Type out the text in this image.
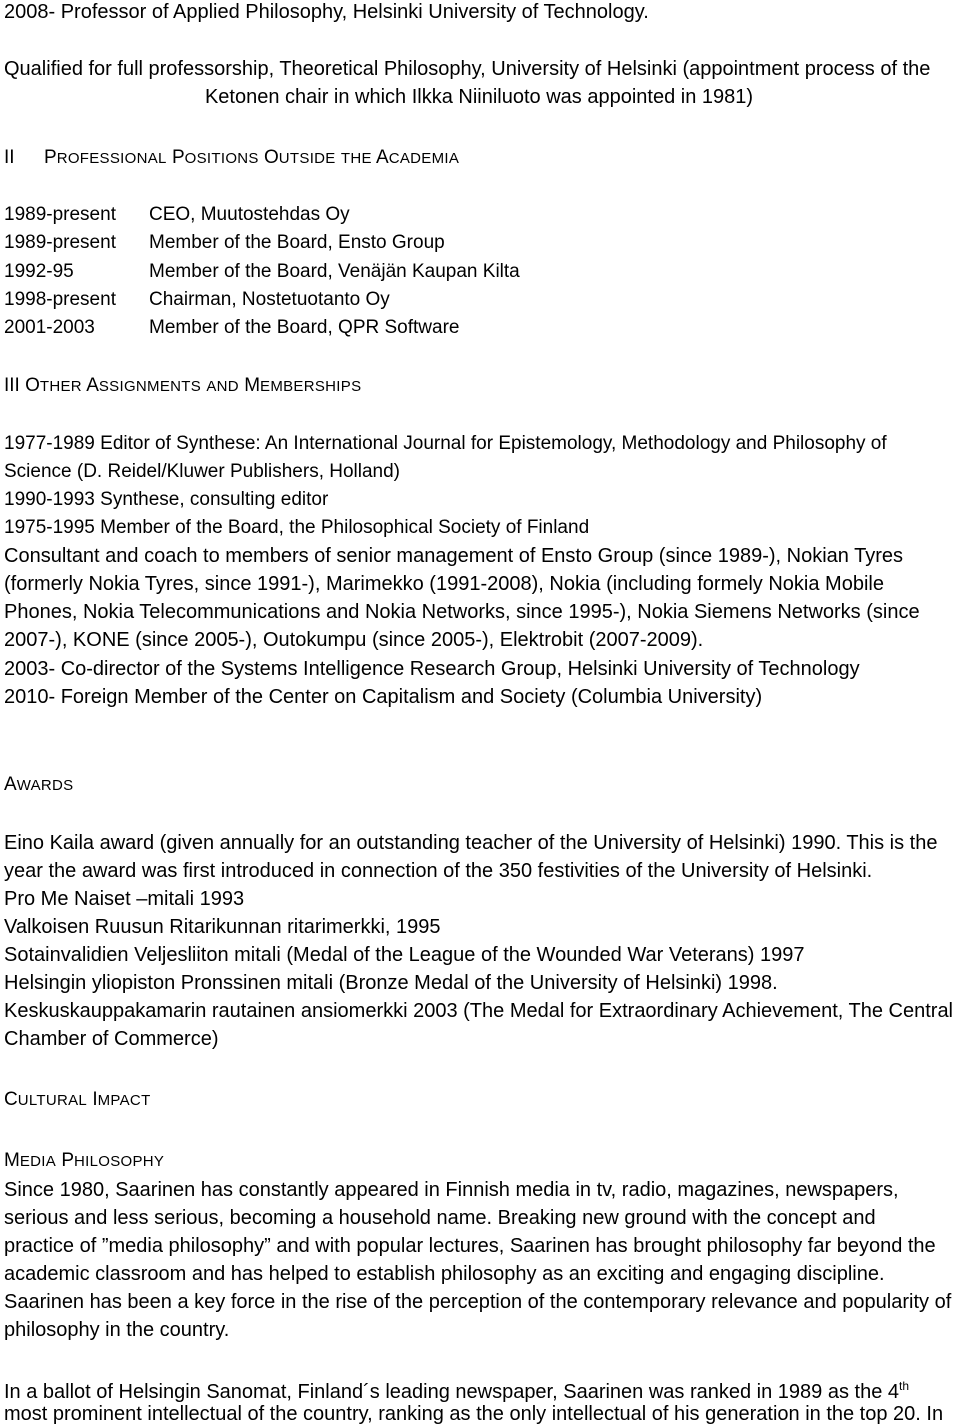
2008- Professor of Applied Philosophy, Helsinki University of Technology.
Qualified for full professorship, Theoretical Philosophy, University of Helsinki (appointment process of the
Ketonen chair in which Ilkka Niiniluoto was appointed in 1981)
II PROFESSIONAL POSITIONS OUTSIDE THE ACADEMIA
1989-present CEO, Muutostehdas Oy
1989-present Member of the Board, Ensto Group
1992-95	Member of the Board, Venäjän Kaupan Kilta
1998-present Chairman, Nostetuotanto Oy
2001-2003	Member of the Board, QPR Software
III OTHER ASSIGNMENTS AND MEMBERSHIPS
1977-1989 Editor of Synthese: An International Journal for Epistemology, Methodology and Philosophy of
Science (D. Reidel/Kluwer Publishers, Holland)
1990-1993 Synthese, consulting editor
1975-1995 Member of the Board, the Philosophical Society of Finland
Consultant and coach to members of senior management of Ensto Group (since 1989-), Nokian Tyres
(formerly Nokia Tyres, since 1991-), Marimekko (1991-2008), Nokia (including formely Nokia Mobile
Phones, Nokia Telecommunications and Nokia Networks, since 1995-), Nokia Siemens Networks (since
2007-), KONE (since 2005-), Outokumpu (since 2005-), Elektrobit (2007-2009).
2003- Co-director of the Systems Intelligence Research Group, Helsinki University of Technology
2010- Foreign Member of the Center on Capitalism and Society (Columbia University)
AWARDS
Eino Kaila award (given annually for an outstanding teacher of the University of Helsinki) 1990. This is the
year the award was first introduced in connection of the 350 festivities of the University of Helsinki.
Pro Me Naiset –mitali 1993
Valkoisen Ruusun Ritarikunnan ritarimerkki, 1995
Sotainvalidien Veljesliiton mitali (Medal of the League of the Wounded War Veterans) 1997
Helsingin yliopiston Pronssinen mitali (Bronze Medal of the University of Helsinki) 1998.
Keskuskauppakamarin rautainen ansiomerkki 2003 (The Medal for Extraordinary Achievement, The Central
Chamber of Commerce)
CULTURAL IMPACT
MEDIA PHILOSOPHY
Since 1980, Saarinen has constantly appeared in Finnish media in tv, radio, magazines, newspapers,
serious and less serious, becoming a household name. Breaking new ground with the concept and
practice of ”media philosophy” and with popular lectures, Saarinen has brought philosophy far beyond the
academic classroom and has helped to establish philosophy as an exciting and engaging discipline.
Saarinen has been a key force in the rise of the perception of the contemporary relevance and popularity of
philosophy in the country.
In a ballot of Helsingin Sanomat, Finland´s leading newspaper, Saarinen was ranked in 1989 as the 4th
most prominent intellectual of the country, ranking as the only intellectual of his generation in the top 20. In
